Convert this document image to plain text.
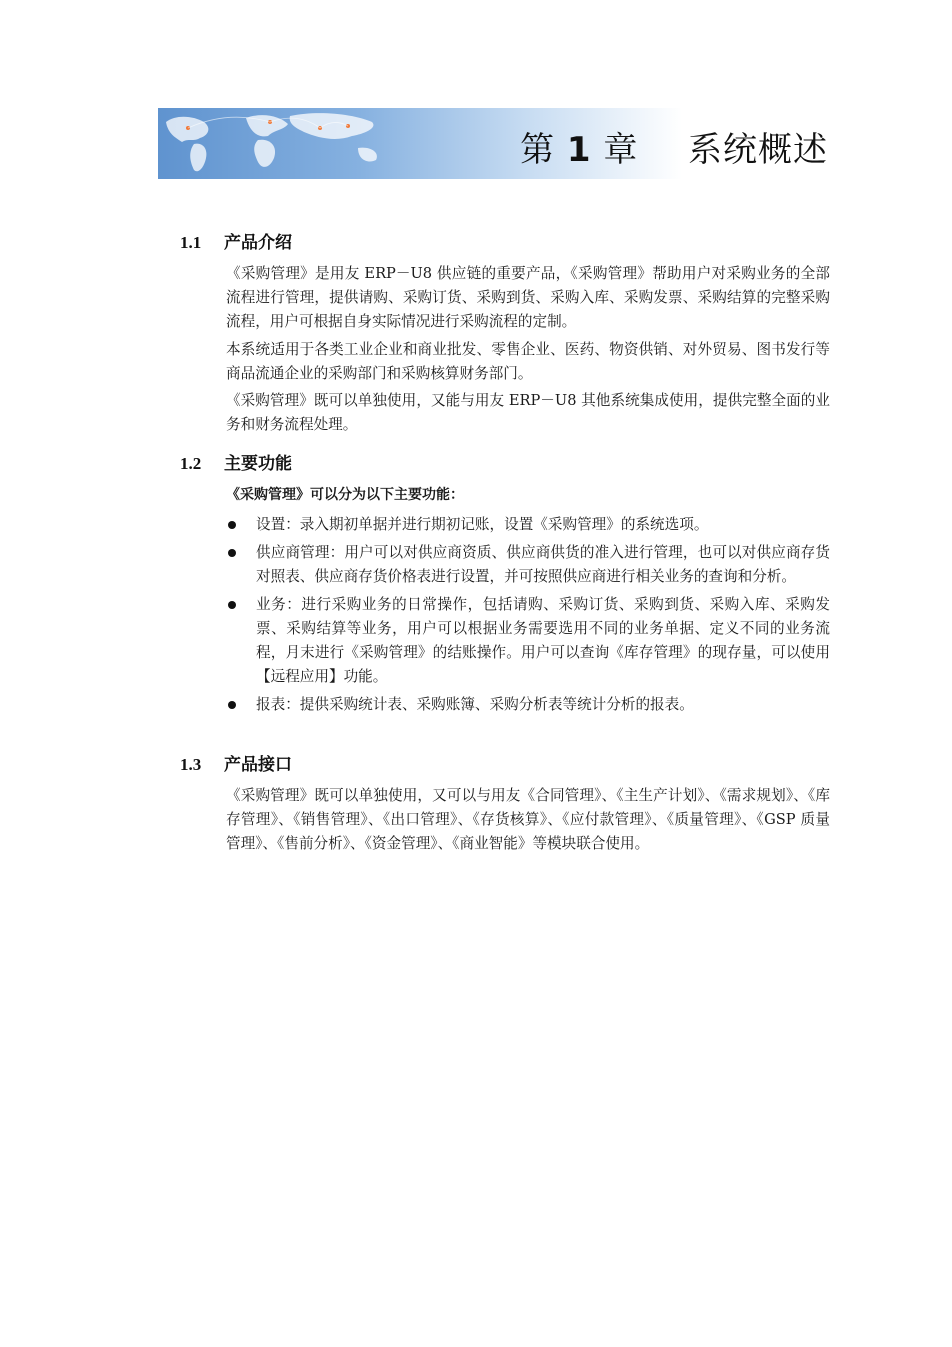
第 1 章 系统概述
1.1 产品介绍
《采购管理》是用友 ERP－U8 供应链的重要产品，《采购管理》帮助用户对采购业务的全部流程进行管理，提供请购、采购订货、采购到货、采购入库、采购发票、采购结算的完整采购流程，用户可根据自身实际情况进行采购流程的定制。
本系统适用于各类工业企业和商业批发、零售企业、医药、物资供销、对外贸易、图书发行等商品流通企业的采购部门和采购核算财务部门。
《采购管理》既可以单独使用，又能与用友 ERP－U8 其他系统集成使用，提供完整全面的业务和财务流程处理。
1.2 主要功能
《采购管理》可以分为以下主要功能：
设置：录入期初单据并进行期初记账，设置《采购管理》的系统选项。
供应商管理：用户可以对供应商资质、供应商供货的准入进行管理，也可以对供应商存货对照表、供应商存货价格表进行设置，并可按照供应商进行相关业务的查询和分析。
业务：进行采购业务的日常操作，包括请购、采购订货、采购到货、采购入库、采购发票、采购结算等业务，用户可以根据业务需要选用不同的业务单据、定义不同的业务流程，月末进行《采购管理》的结账操作。用户可以查询《库存管理》的现存量，可以使用【远程应用】功能。
报表：提供采购统计表、采购账簿、采购分析表等统计分析的报表。
1.3 产品接口
《采购管理》既可以单独使用，又可以与用友《合同管理》、《主生产计划》、《需求规划》、《库存管理》、《销售管理》、《出口管理》、《存货核算》、《应付款管理》、《质量管理》、《GSP 质量管理》、《售前分析》、《资金管理》、《商业智能》等模块联合使用。
